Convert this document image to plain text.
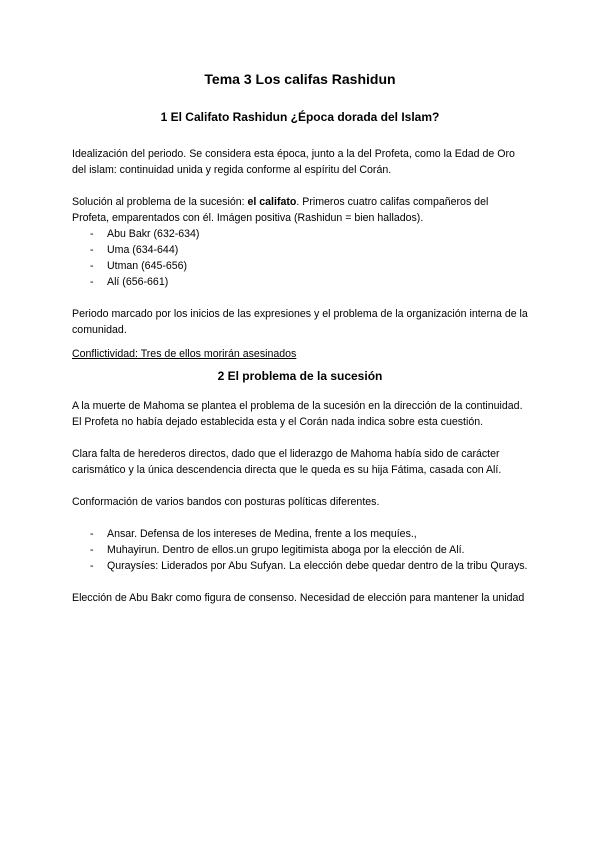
Tema 3 Los califas Rashidun
1 El Califato Rashidun ¿Época dorada del Islam?

Idealización del periodo. Se considera esta época, junto a la del Profeta, como la Edad de Oro del islam: continuidad unida y regida conforme al espíritu del Corán.

Solución al problema de la sucesión: el califato. Primeros cuatro califas compañeros del Profeta, emparentados con él. Imágen positiva (Rashidun = bien hallados).

- Abu Bakr (632-634)
- Uma (634-644)
- Utman (645-656)
- Alí (656-661)

Periodo marcado por los inicios de las expresiones y el problema de la organización interna de la comunidad.

Conflictividad: Tres de ellos morirán asesinados

2 El problema de la sucesión

A la muerte de Mahoma se plantea el problema de la sucesión en la dirección de la continuidad. El Profeta no había dejado establecida esta y el Corán nada indica sobre esta cuestión.

Clara falta de herederos directos, dado que el liderazgo de Mahoma había sido de carácter carismático y la única descendencia directa que le queda es su hija Fátima, casada con Alí.

Conformación de varios bandos con posturas políticas diferentes.

- Ansar. Defensa de los intereses de Medina, frente a los mequíes.,
- Muhayirun. Dentro de ellos.un grupo legitimista aboga por la elección de Alí.
- Quraysíes: Liderados por Abu Sufyan. La elección debe quedar dentro de la tribu Qurays.

Elección de Abu Bakr como figura de consenso. Necesidad de elección para mantener la unidad
